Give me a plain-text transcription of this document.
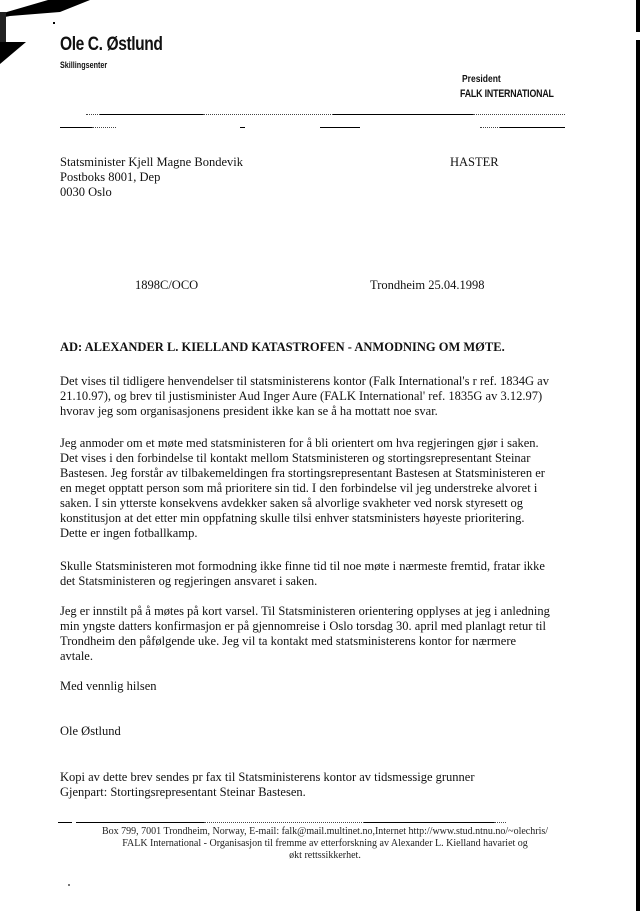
Ole C. Østlund
Skillingsenter
President
FALK INTERNATIONAL
Statsminister Kjell Magne Bondevik
Postboks 8001, Dep
0030 Oslo
HASTER
1898C/OCO	Trondheim 25.04.1998
AD: ALEXANDER L. KIELLAND KATASTROFEN - ANMODNING OM MØTE.
Det vises til tidligere henvendelser til statsministerens kontor (Falk International's r ref. 1834G av
21.10.97), og brev til justisminister Aud Inger Aure (FALK International' ref. 1835G av 3.12.97)
hvorav jeg som organisasjonens president ikke kan se å ha mottatt noe svar.
Jeg anmoder om et møte med statsministeren for å bli orientert om hva regjeringen gjør i saken.
Det vises i den forbindelse til kontakt mellom Statsministeren og stortingsrepresentant Steinar
Bastesen. Jeg forstår av tilbakemeldingen fra stortingsrepresentant Bastesen at Statsministeren er
en meget opptatt person som må prioritere sin tid. I den forbindelse vil jeg understreke alvoret i
saken. I sin ytterste konsekvens avdekker saken så alvorlige svakheter ved norsk styresett og
konstitusjon at det etter min oppfatning skulle tilsi enhver statsministers høyeste prioritering.
Dette er ingen fotballkamp.
Skulle Statsministeren mot formodning ikke finne tid til noe møte i nærmeste fremtid, fratar ikke
det Statsministeren og regjeringen ansvaret i saken.
Jeg er innstilt på å møtes på kort varsel. Til Statsministeren orientering opplyses at jeg i anledning
min yngste datters konfirmasjon er på gjennomreise i Oslo torsdag 30. april med planlagt retur til
Trondheim den påfølgende uke. Jeg vil ta kontakt med statsministerens kontor for nærmere
avtale.
Med vennlig hilsen
Ole Østlund
Kopi av dette brev sendes pr fax til Statsministerens kontor av tidsmessige grunner
Gjenpart: Stortingsrepresentant Steinar Bastesen.
Box 799, 7001 Trondheim, Norway, E-mail: falk@mail.multinet.no,Internet http://www.stud.ntnu.no/~olechris/
FALK International - Organisasjon til fremme av etterforskning av Alexander L. Kielland havariet og
økt rettssikkerhet.
